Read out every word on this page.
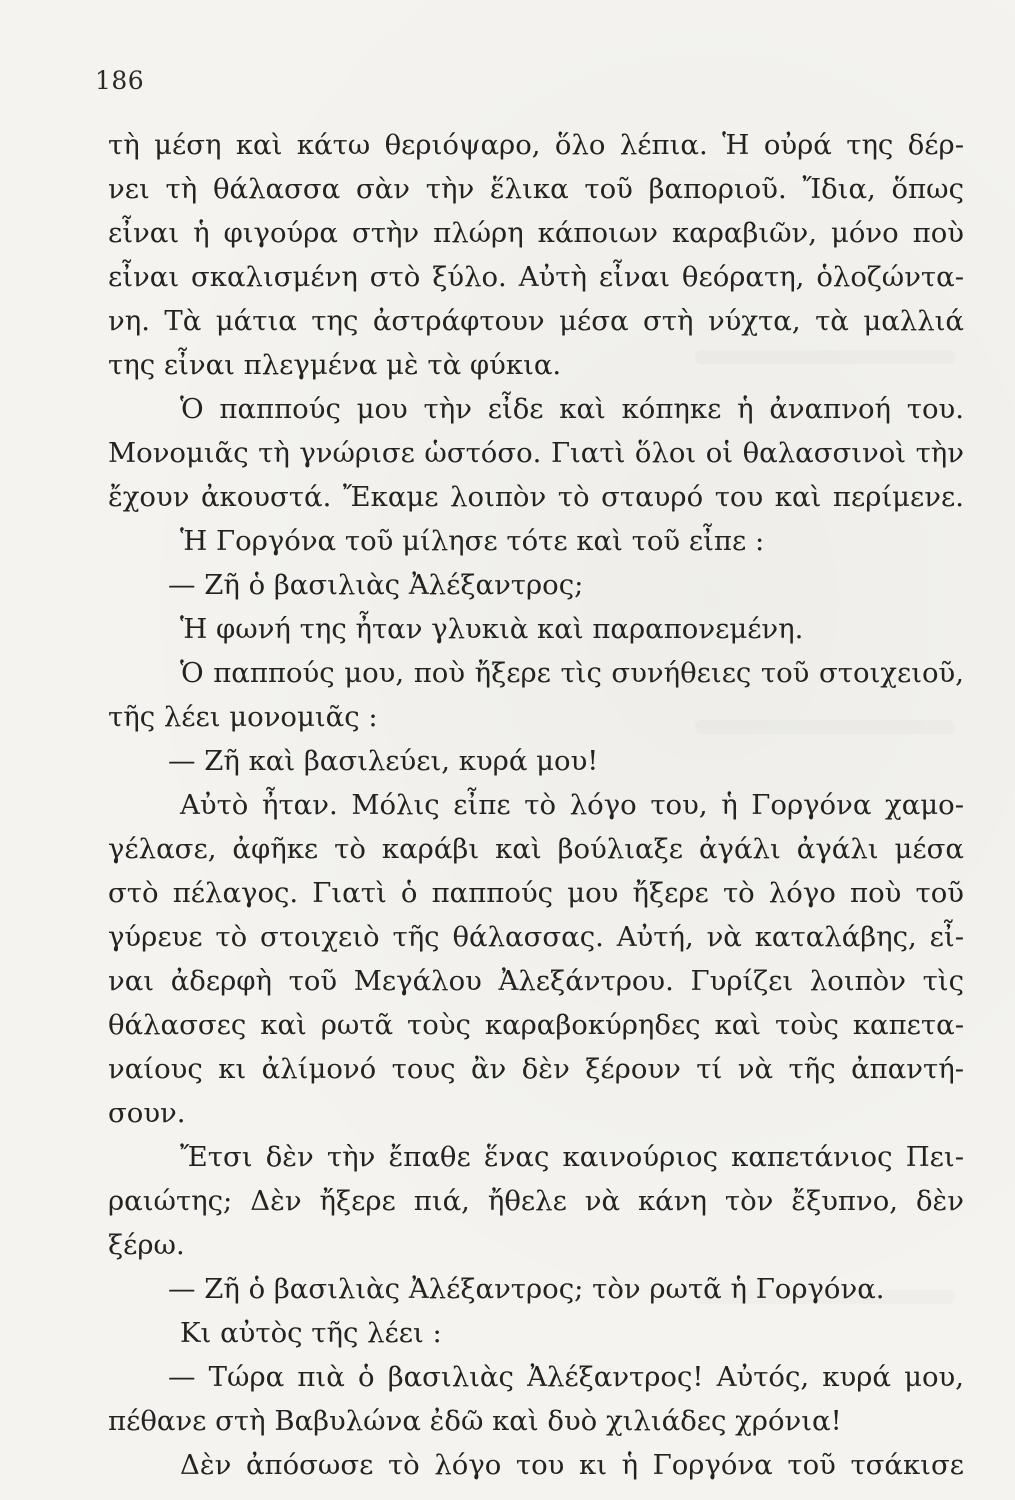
186
τὴ μέση καὶ κάτω θεριόψαρο, ὅλο λέπια. Ἡ οὐρά της δέρ-
νει τὴ θάλασσα σὰν τὴν ἕλικα τοῦ βαποριοῦ. Ἴδια, ὅπως
εἶναι ἡ φιγούρα στὴν πλώρη κάποιων καραβιῶν, μόνο ποὺ
εἶναι σκαλισμένη στὸ ξύλο. Αὐτὴ εἶναι θεόρατη, ὁλοζώντα-
νη. Τὰ μάτια της ἀστράφτουν μέσα στὴ νύχτα, τὰ μαλλιά
της εἶναι πλεγμένα μὲ τὰ φύκια.
Ὁ παππούς μου τὴν εἶδε καὶ κόπηκε ἡ ἀναπνοή του.
Μονομιᾶς τὴ γνώρισε ὡστόσο. Γιατὶ ὅλοι οἱ θαλασσινοὶ τὴν
ἔχουν ἀκουστά. Ἔκαμε λοιπὸν τὸ σταυρό του καὶ περίμενε.
Ἡ Γοργόνα τοῦ μίλησε τότε καὶ τοῦ εἶπε :
— Ζῆ ὁ βασιλιὰς Ἀλέξαντρος;
Ἡ φωνή της ἦταν γλυκιὰ καὶ παραπονεμένη.
Ὁ παππούς μου, ποὺ ἤξερε τὶς συνήθειες τοῦ στοιχειοῦ,
τῆς λέει μονομιᾶς :
— Ζῆ καὶ βασιλεύει, κυρά μου!
Αὐτὸ ἦταν. Μόλις εἶπε τὸ λόγο του, ἡ Γοργόνα χαμο-
γέλασε, ἀφῆκε τὸ καράβι καὶ βούλιαξε ἀγάλι ἀγάλι μέσα
στὸ πέλαγος. Γιατὶ ὁ παππούς μου ἤξερε τὸ λόγο ποὺ τοῦ
γύρευε τὸ στοιχειὸ τῆς θάλασσας. Αὐτή, νὰ καταλάβης, εἶ-
ναι ἀδερφὴ τοῦ Μεγάλου Ἀλεξάντρου. Γυρίζει λοιπὸν τὶς
θάλασσες καὶ ρωτᾶ τοὺς καραβοκύρηδες καὶ τοὺς καπετα-
ναίους κι ἀλίμονό τους ἂν δὲν ξέρουν τί νὰ τῆς ἀπαντή-
σουν.
Ἔτσι δὲν τὴν ἔπαθε ἕνας καινούριος καπετάνιος Πει-
ραιώτης; Δὲν ἤξερε πιά, ἤθελε νὰ κάνη τὸν ἔξυπνο, δὲν
ξέρω.
— Ζῆ ὁ βασιλιὰς Ἀλέξαντρος; τὸν ρωτᾶ ἡ Γοργόνα.
Κι αὐτὸς τῆς λέει :
— Τώρα πιὰ ὁ βασιλιὰς Ἀλέξαντρος! Αὐτός, κυρά μου,
πέθανε στὴ Βαβυλώνα ἐδῶ καὶ δυὸ χιλιάδες χρόνια!
Δὲν ἀπόσωσε τὸ λόγο του κι ἡ Γοργόνα τοῦ τσάκισε
